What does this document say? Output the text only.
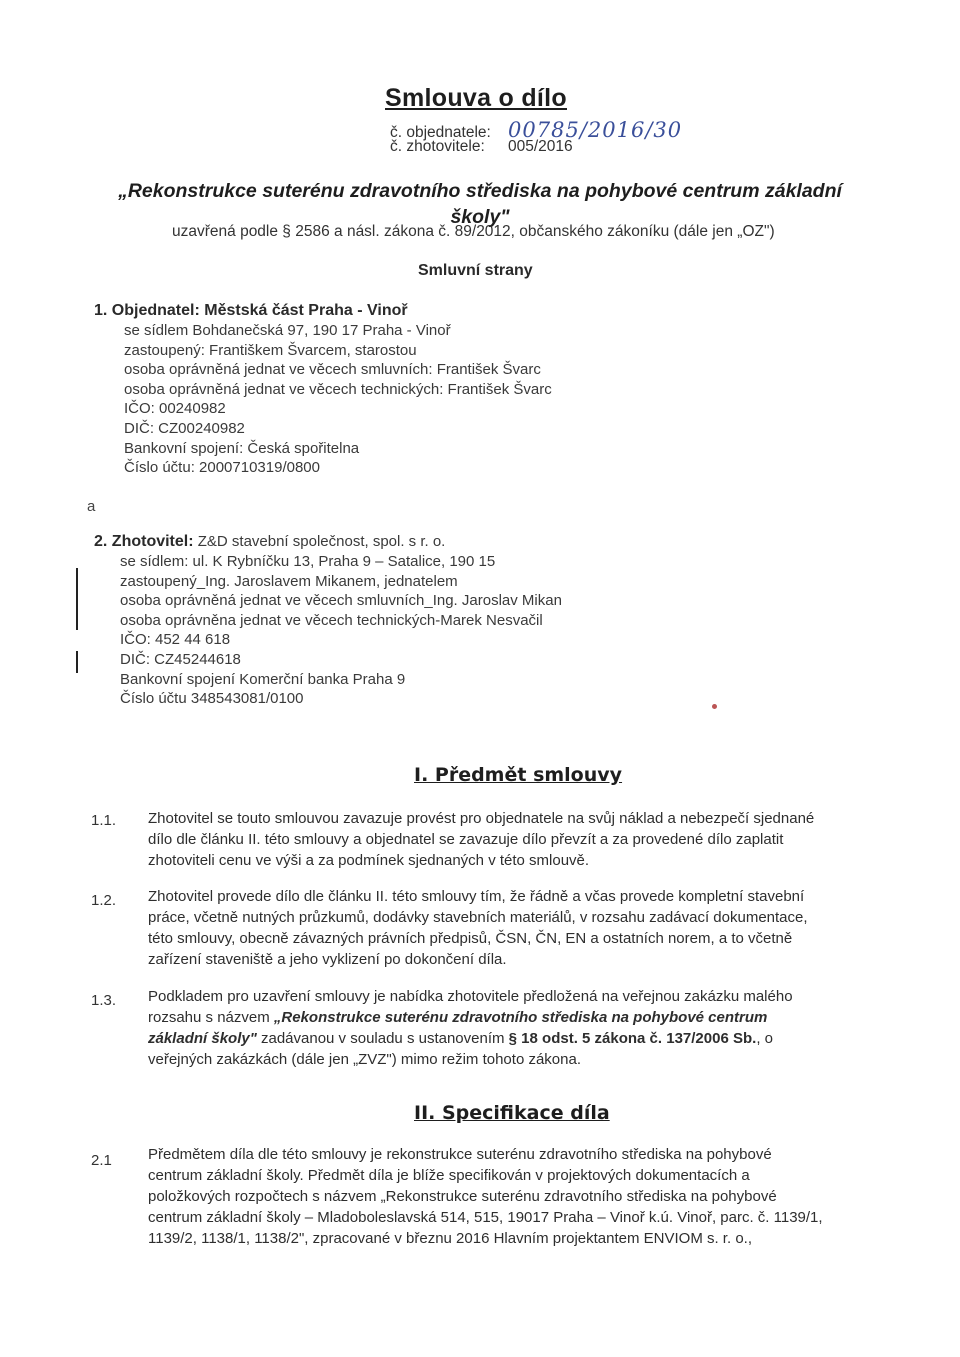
Smlouva o dílo
č. objednatele: 00785/2016/30
č. zhotovitele: 005/2016
„Rekonstrukce suterénu zdravotního střediska na pohybové centrum základní
školy"
uzavřená podle § 2586 a násl. zákona č. 89/2012, občanského zákoníku (dále jen „OZ")
Smluvní strany
1. Objednatel: Městská část Praha - Vinoř
se sídlem Bohdanečská 97, 190 17 Praha - Vinoř
zastoupený: Františkem Švarcem, starostou
osoba oprávněná jednat ve věcech smluvních: František Švarc
osoba oprávněná jednat ve věcech technických: František Švarc
IČO: 00240982
DIČ: CZ00240982
Bankovní spojení: Česká spořitelna
Číslo účtu: 2000710319/0800
a
2. Zhotovitel: Z&D stavební společnost, spol. s r. o.
se sídlem: ul. K Rybníčku 13, Praha 9 – Satalice, 190 15
zastoupený_Ing. Jaroslavem Mikanem, jednatelem
osoba oprávněná jednat ve věcech smluvních_Ing. Jaroslav Mikan
osoba oprávněna jednat ve věcech technických-Marek Nesvačil
IČO: 452 44 618
DIČ: CZ45244618
Bankovní spojení Komerční banka Praha 9
Číslo účtu 348543081/0100
I. Předmět smlouvy
1.1. Zhotovitel se touto smlouvou zavazuje provést pro objednatele na svůj náklad a nebezpečí sjednané
dílo dle článku II. této smlouvy a objednatel se zavazuje dílo převzít a za provedené dílo zaplatit
zhotoviteli cenu ve výši a za podmínek sjednaných v této smlouvě.
1.2. Zhotovitel provede dílo dle článku II. této smlouvy tím, že řádně a včas provede kompletní stavební
práce, včetně nutných průzkumů, dodávky stavebních materiálů, v rozsahu zadávací dokumentace,
této smlouvy, obecně závazných právních předpisů, ČSN, ČN, EN a ostatních norem, a to včetně
zařízení staveniště a jeho vyklizení po dokončení díla.
1.3. Podkladem pro uzavření smlouvy je nabídka zhotovitele předložená na veřejnou zakázku malého
rozsahu s názvem „Rekonstrukce suterénu zdravotního střediska na pohybové centrum
základní školy" zadávanou v souladu s ustanovením § 18 odst. 5 zákona č. 137/2006 Sb., o
veřejných zakázkách (dále jen „ZVZ") mimo režim tohoto zákona.
II. Specifikace díla
2.1 Předmětem díla dle této smlouvy je rekonstrukce suterénu zdravotního střediska na pohybové
centrum základní školy. Předmět díla je blíže specifikován v projektových dokumentacích a
položkových rozpočtech s názvem „Rekonstrukce suterénu zdravotního střediska na pohybové
centrum základní školy – Mladoboleslavská 514, 515, 19017 Praha – Vinoř k.ú. Vinoř, parc. č. 1139/1,
1139/2, 1138/1, 1138/2", zpracované v březnu 2016 Hlavním projektantem ENVIOM s. r. o.,
